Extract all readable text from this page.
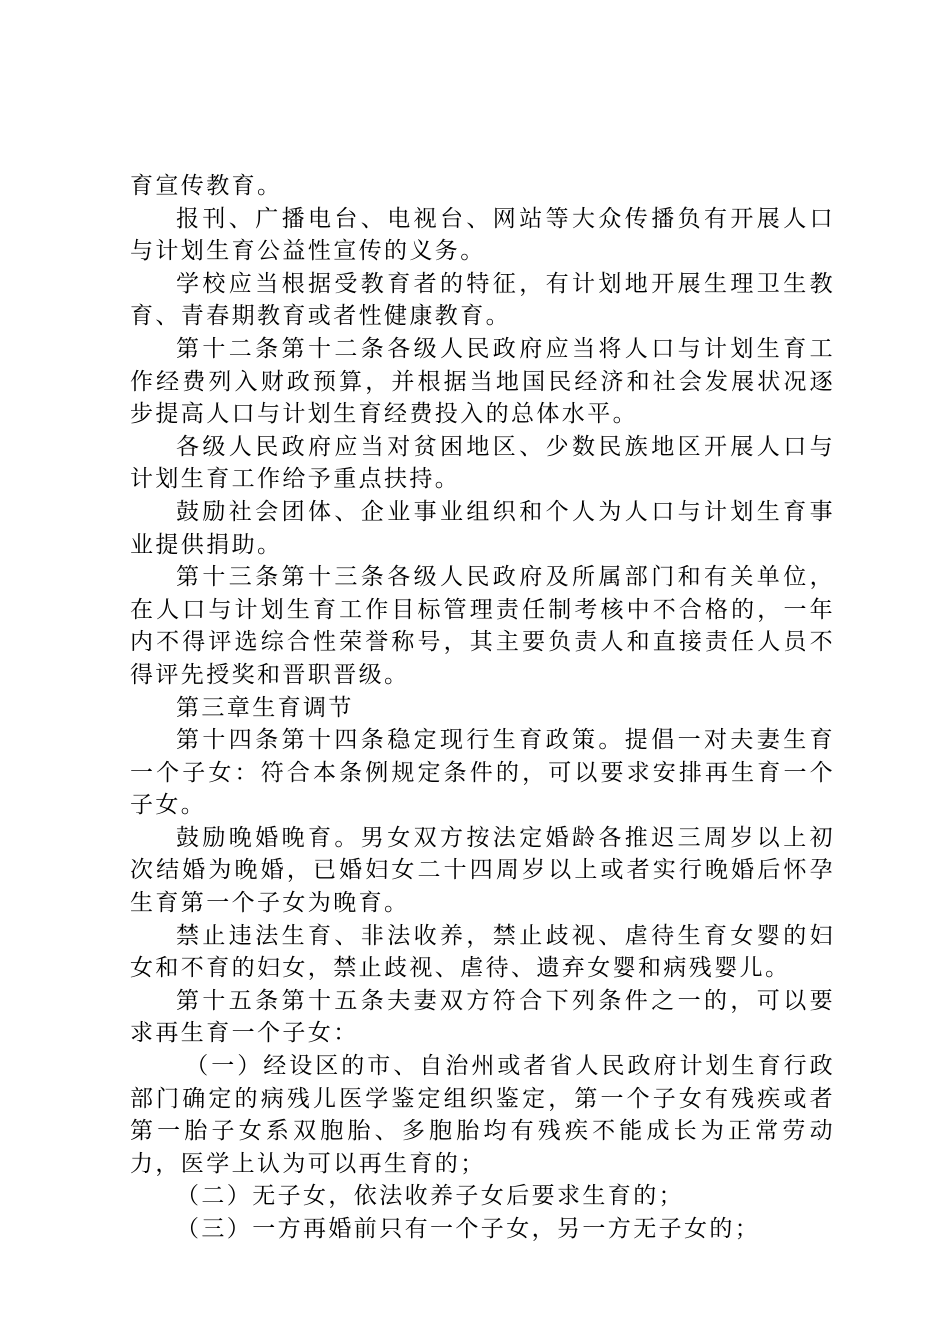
育宣传教育。

报刊、广播电台、电视台、网站等大众传播负有开展人口与计划生育公益性宣传的义务。

学校应当根据受教育者的特征，有计划地开展生理卫生教育、青春期教育或者性健康教育。

第十二条第十二条各级人民政府应当将人口与计划生育工作经费列入财政预算，并根据当地国民经济和社会发展状况逐步提高人口与计划生育经费投入的总体水平。

各级人民政府应当对贫困地区、少数民族地区开展人口与计划生育工作给予重点扶持。

鼓励社会团体、企业事业组织和个人为人口与计划生育事业提供捐助。

第十三条第十三条各级人民政府及所属部门和有关单位，在人口与计划生育工作目标管理责任制考核中不合格的，一年内不得评选综合性荣誉称号，其主要负责人和直接责任人员不得评先授奖和晋职晋级。

第三章生育调节

第十四条第十四条稳定现行生育政策。提倡一对夫妻生育一个子女：符合本条例规定条件的，可以要求安排再生育一个子女。

鼓励晚婚晚育。男女双方按法定婚龄各推迟三周岁以上初次结婚为晚婚，已婚妇女二十四周岁以上或者实行晚婚后怀孕生育第一个子女为晚育。

禁止违法生育、非法收养，禁止歧视、虐待生育女婴的妇女和不育的妇女，禁止歧视、虐待、遗弃女婴和病残婴儿。

第十五条第十五条夫妻双方符合下列条件之一的，可以要求再生育一个子女：

（一）经设区的市、自治州或者省人民政府计划生育行政部门确定的病残儿医学鉴定组织鉴定，第一个子女有残疾或者第一胎子女系双胞胎、多胞胎均有残疾不能成长为正常劳动力，医学上认为可以再生育的；

（二）无子女，依法收养子女后要求生育的；

（三）一方再婚前只有一个子女，另一方无子女的；
